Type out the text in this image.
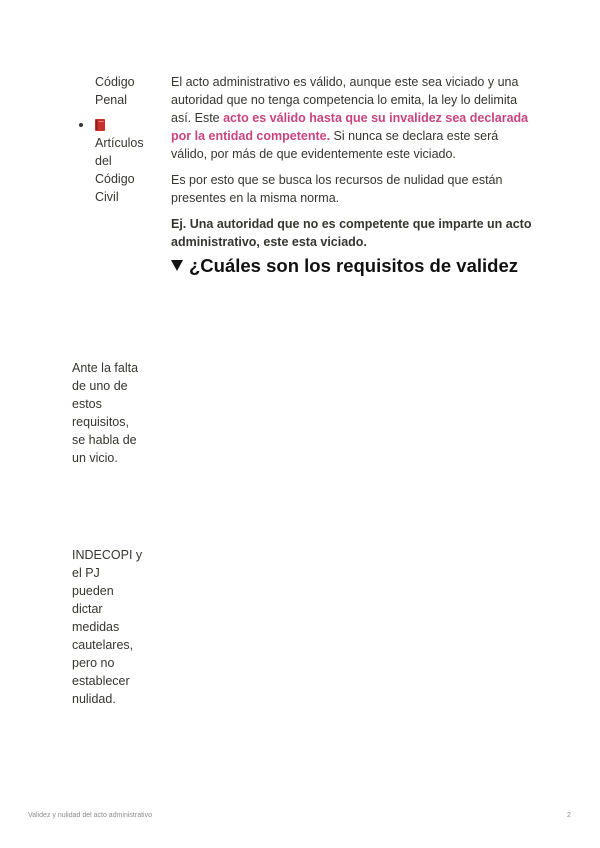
Código
Penal
Artículos
del
Código
Civil
Ante la falta
de uno de
estos
requisitos,
se habla de
un vicio.
INDECOPI y
el PJ
pueden
dictar
medidas
cautelares,
pero no
establecer
nulidad.

El acto administrativo es válido, aunque este sea viciado y una
autoridad que no tenga competencia lo emita, la ley lo delimita
así. Este acto es válido hasta que su invalidez sea declarada
por la entidad competente. Si nunca se declara este será
válido, por más de que evidentemente este viciado.

Es por esto que se busca los recursos de nulidad que están
presentes en la misma norma.

Ej. Una autoridad que no es competente que imparte un acto
administrativo, este esta viciado.

¿Cuáles son los requisitos de validez
Validez y nulidad del acto administrativo	2
